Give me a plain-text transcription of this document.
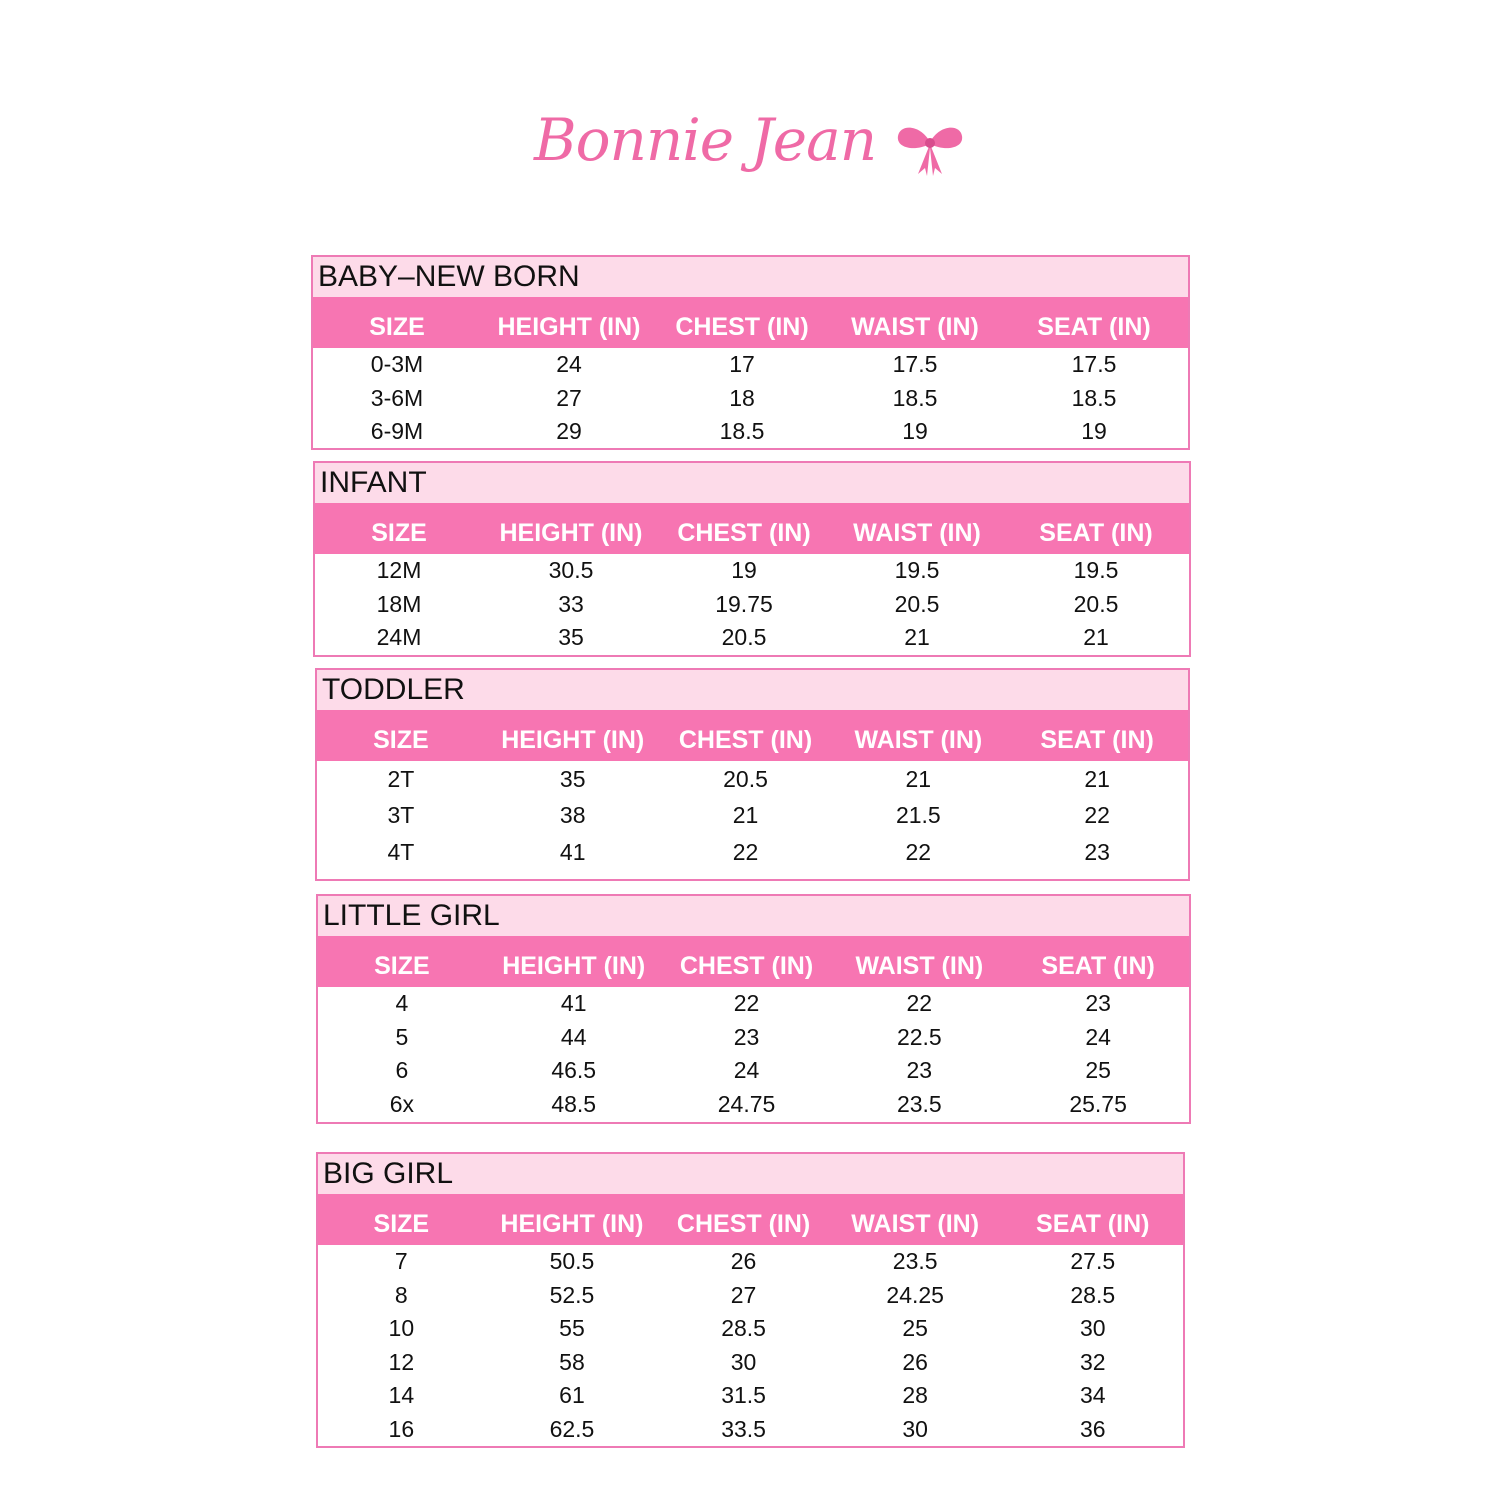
Bonnie Jean
BABY–NEW BORN
SIZE	HEIGHT (IN)	CHEST (IN)	WAIST (IN)	SEAT (IN)
0-3M	24	17	17.5	17.5
3-6M	27	18	18.5	18.5
6-9M	29	18.5	19	19
INFANT
SIZE	HEIGHT (IN)	CHEST (IN)	WAIST (IN)	SEAT (IN)
12M	30.5	19	19.5	19.5
18M	33	19.75	20.5	20.5
24M	35	20.5	21	21
TODDLER
SIZE	HEIGHT (IN)	CHEST (IN)	WAIST (IN)	SEAT (IN)
2T	35	20.5	21	21
3T	38	21	21.5	22
4T	41	22	22	23
LITTLE GIRL
SIZE	HEIGHT (IN)	CHEST (IN)	WAIST (IN)	SEAT (IN)
4	41	22	22	23
5	44	23	22.5	24
6	46.5	24	23	25
6x	48.5	24.75	23.5	25.75
BIG GIRL
SIZE	HEIGHT (IN)	CHEST (IN)	WAIST (IN)	SEAT (IN)
7	50.5	26	23.5	27.5
8	52.5	27	24.25	28.5
10	55	28.5	25	30
12	58	30	26	32
14	61	31.5	28	34
16	62.5	33.5	30	36
